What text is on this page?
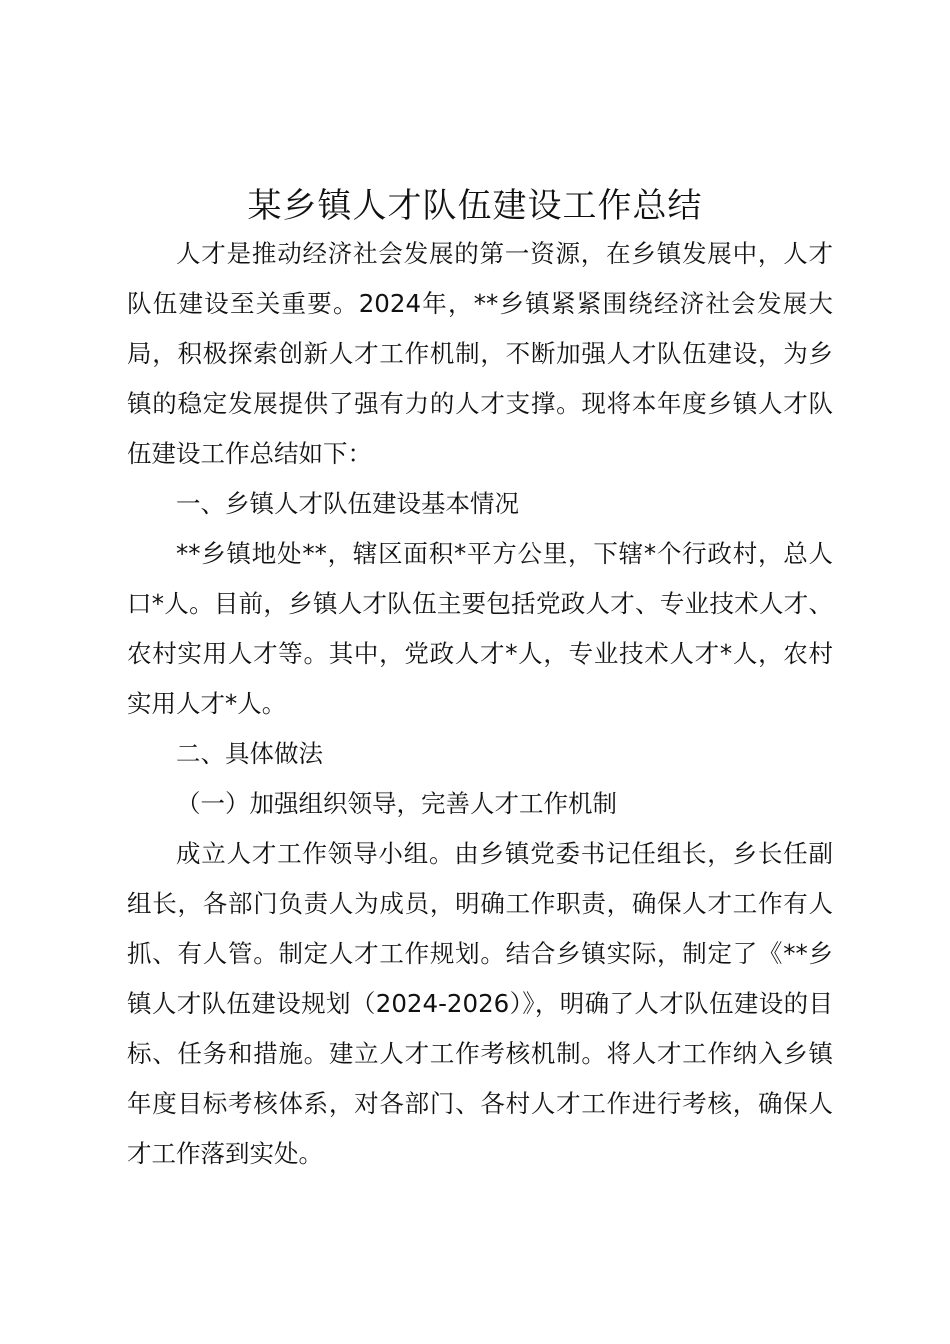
某乡镇人才队伍建设工作总结

人才是推动经济社会发展的第一资源，在乡镇发展中，人才队伍建设至关重要。2024年，**乡镇紧紧围绕经济社会发展大局，积极探索创新人才工作机制，不断加强人才队伍建设，为乡镇的稳定发展提供了强有力的人才支撑。现将本年度乡镇人才队伍建设工作总结如下：

一、乡镇人才队伍建设基本情况

**乡镇地处**，辖区面积*平方公里，下辖*个行政村，总人口*人。目前，乡镇人才队伍主要包括党政人才、专业技术人才、农村实用人才等。其中，党政人才*人，专业技术人才*人，农村实用人才*人。

二、具体做法

（一）加强组织领导，完善人才工作机制

成立人才工作领导小组。由乡镇党委书记任组长，乡长任副组长，各部门负责人为成员，明确工作职责，确保人才工作有人抓、有人管。制定人才工作规划。结合乡镇实际，制定了《**乡镇人才队伍建设规划（2024-2026）》，明确了人才队伍建设的目标、任务和措施。建立人才工作考核机制。将人才工作纳入乡镇年度目标考核体系，对各部门、各村人才工作进行考核，确保人才工作落到实处。
